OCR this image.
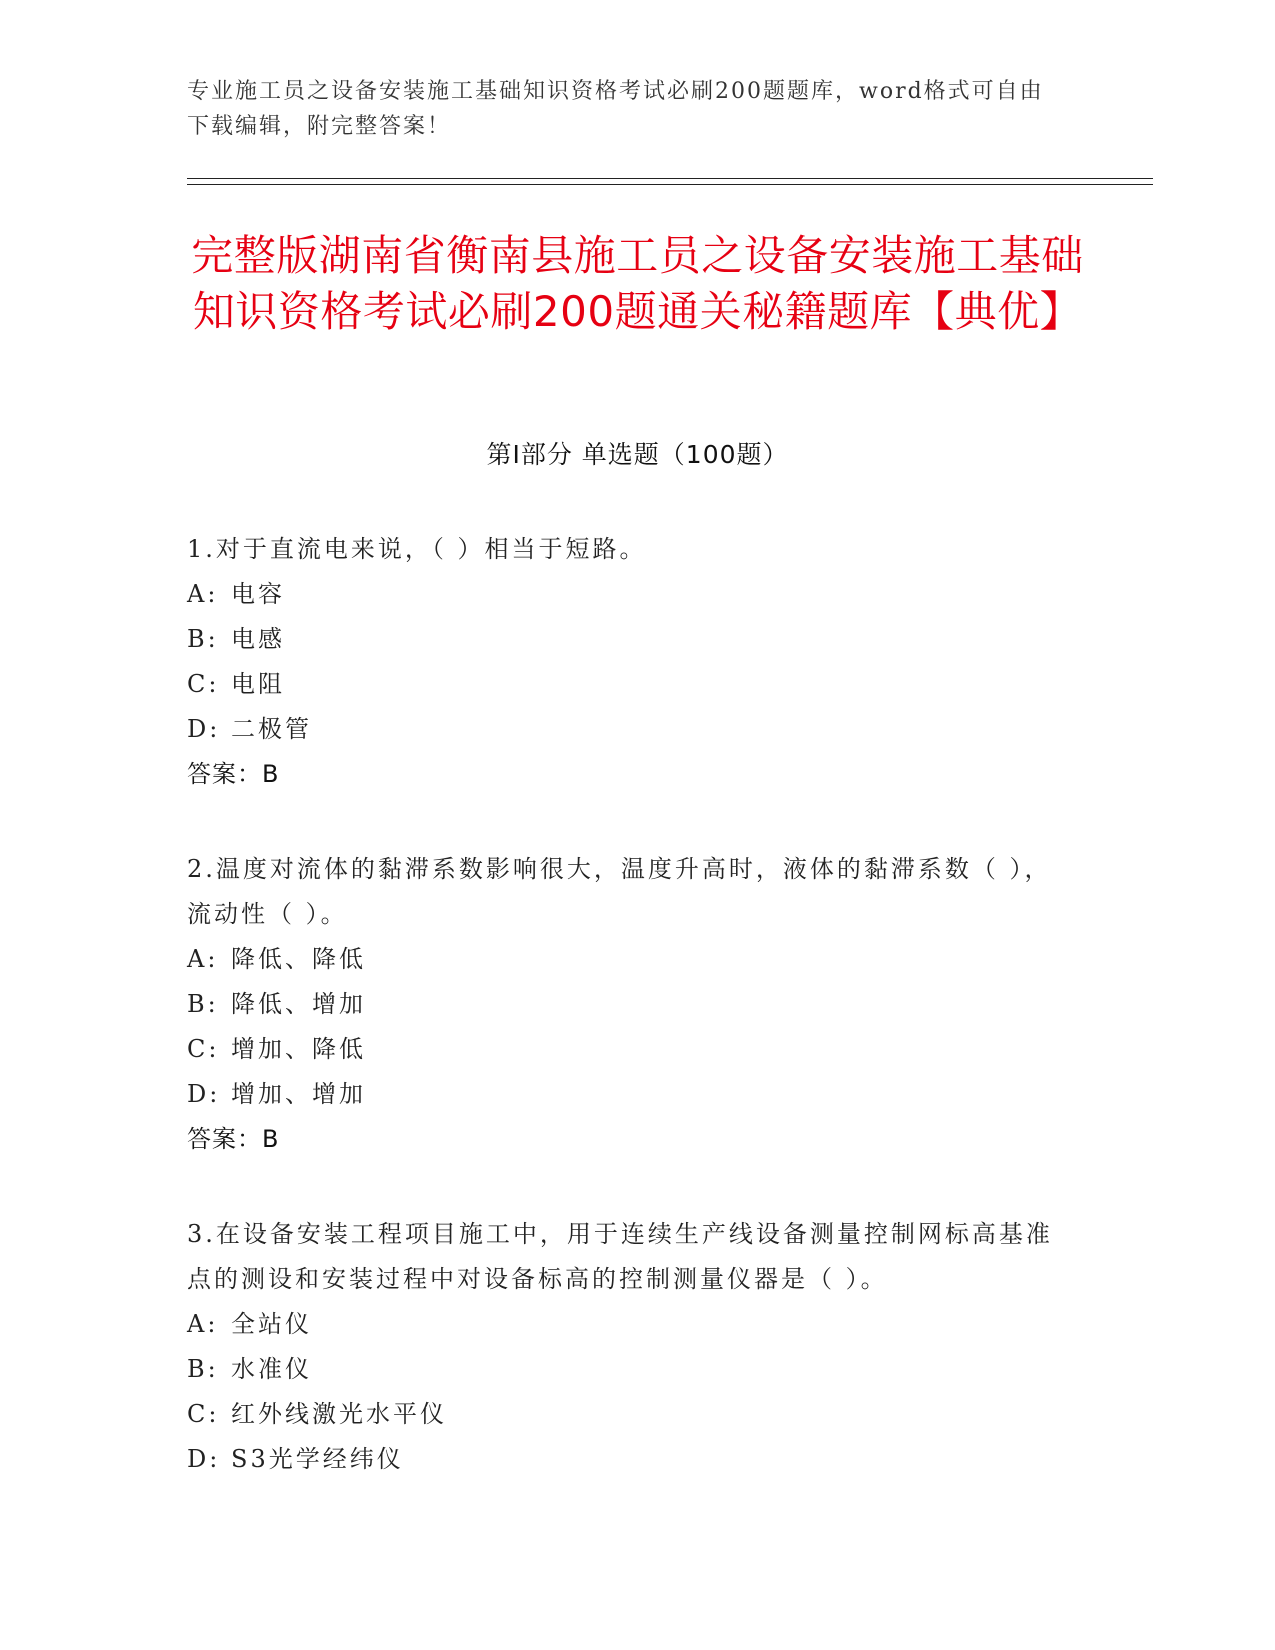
专业施工员之设备安装施工基础知识资格考试必刷200题题库，word格式可自由下载编辑，附完整答案！
完整版湖南省衡南县施工员之设备安装施工基础知识资格考试必刷200题通关秘籍题库【典优】
第Ⅰ部分 单选题（100题）
1.对于直流电来说，（ ）相当于短路。
A: 电容
B: 电感
C: 电阻
D: 二极管
答案：B
2.温度对流体的黏滞系数影响很大，温度升高时，液体的黏滞系数（ ），流动性（ ）。
A: 降低、降低
B: 降低、增加
C: 增加、降低
D: 增加、增加
答案：B
3.在设备安装工程项目施工中，用于连续生产线设备测量控制网标高基准点的测设和安装过程中对设备标高的控制测量仪器是（ ）。
A: 全站仪
B: 水准仪
C: 红外线激光水平仪
D: S3光学经纬仪
